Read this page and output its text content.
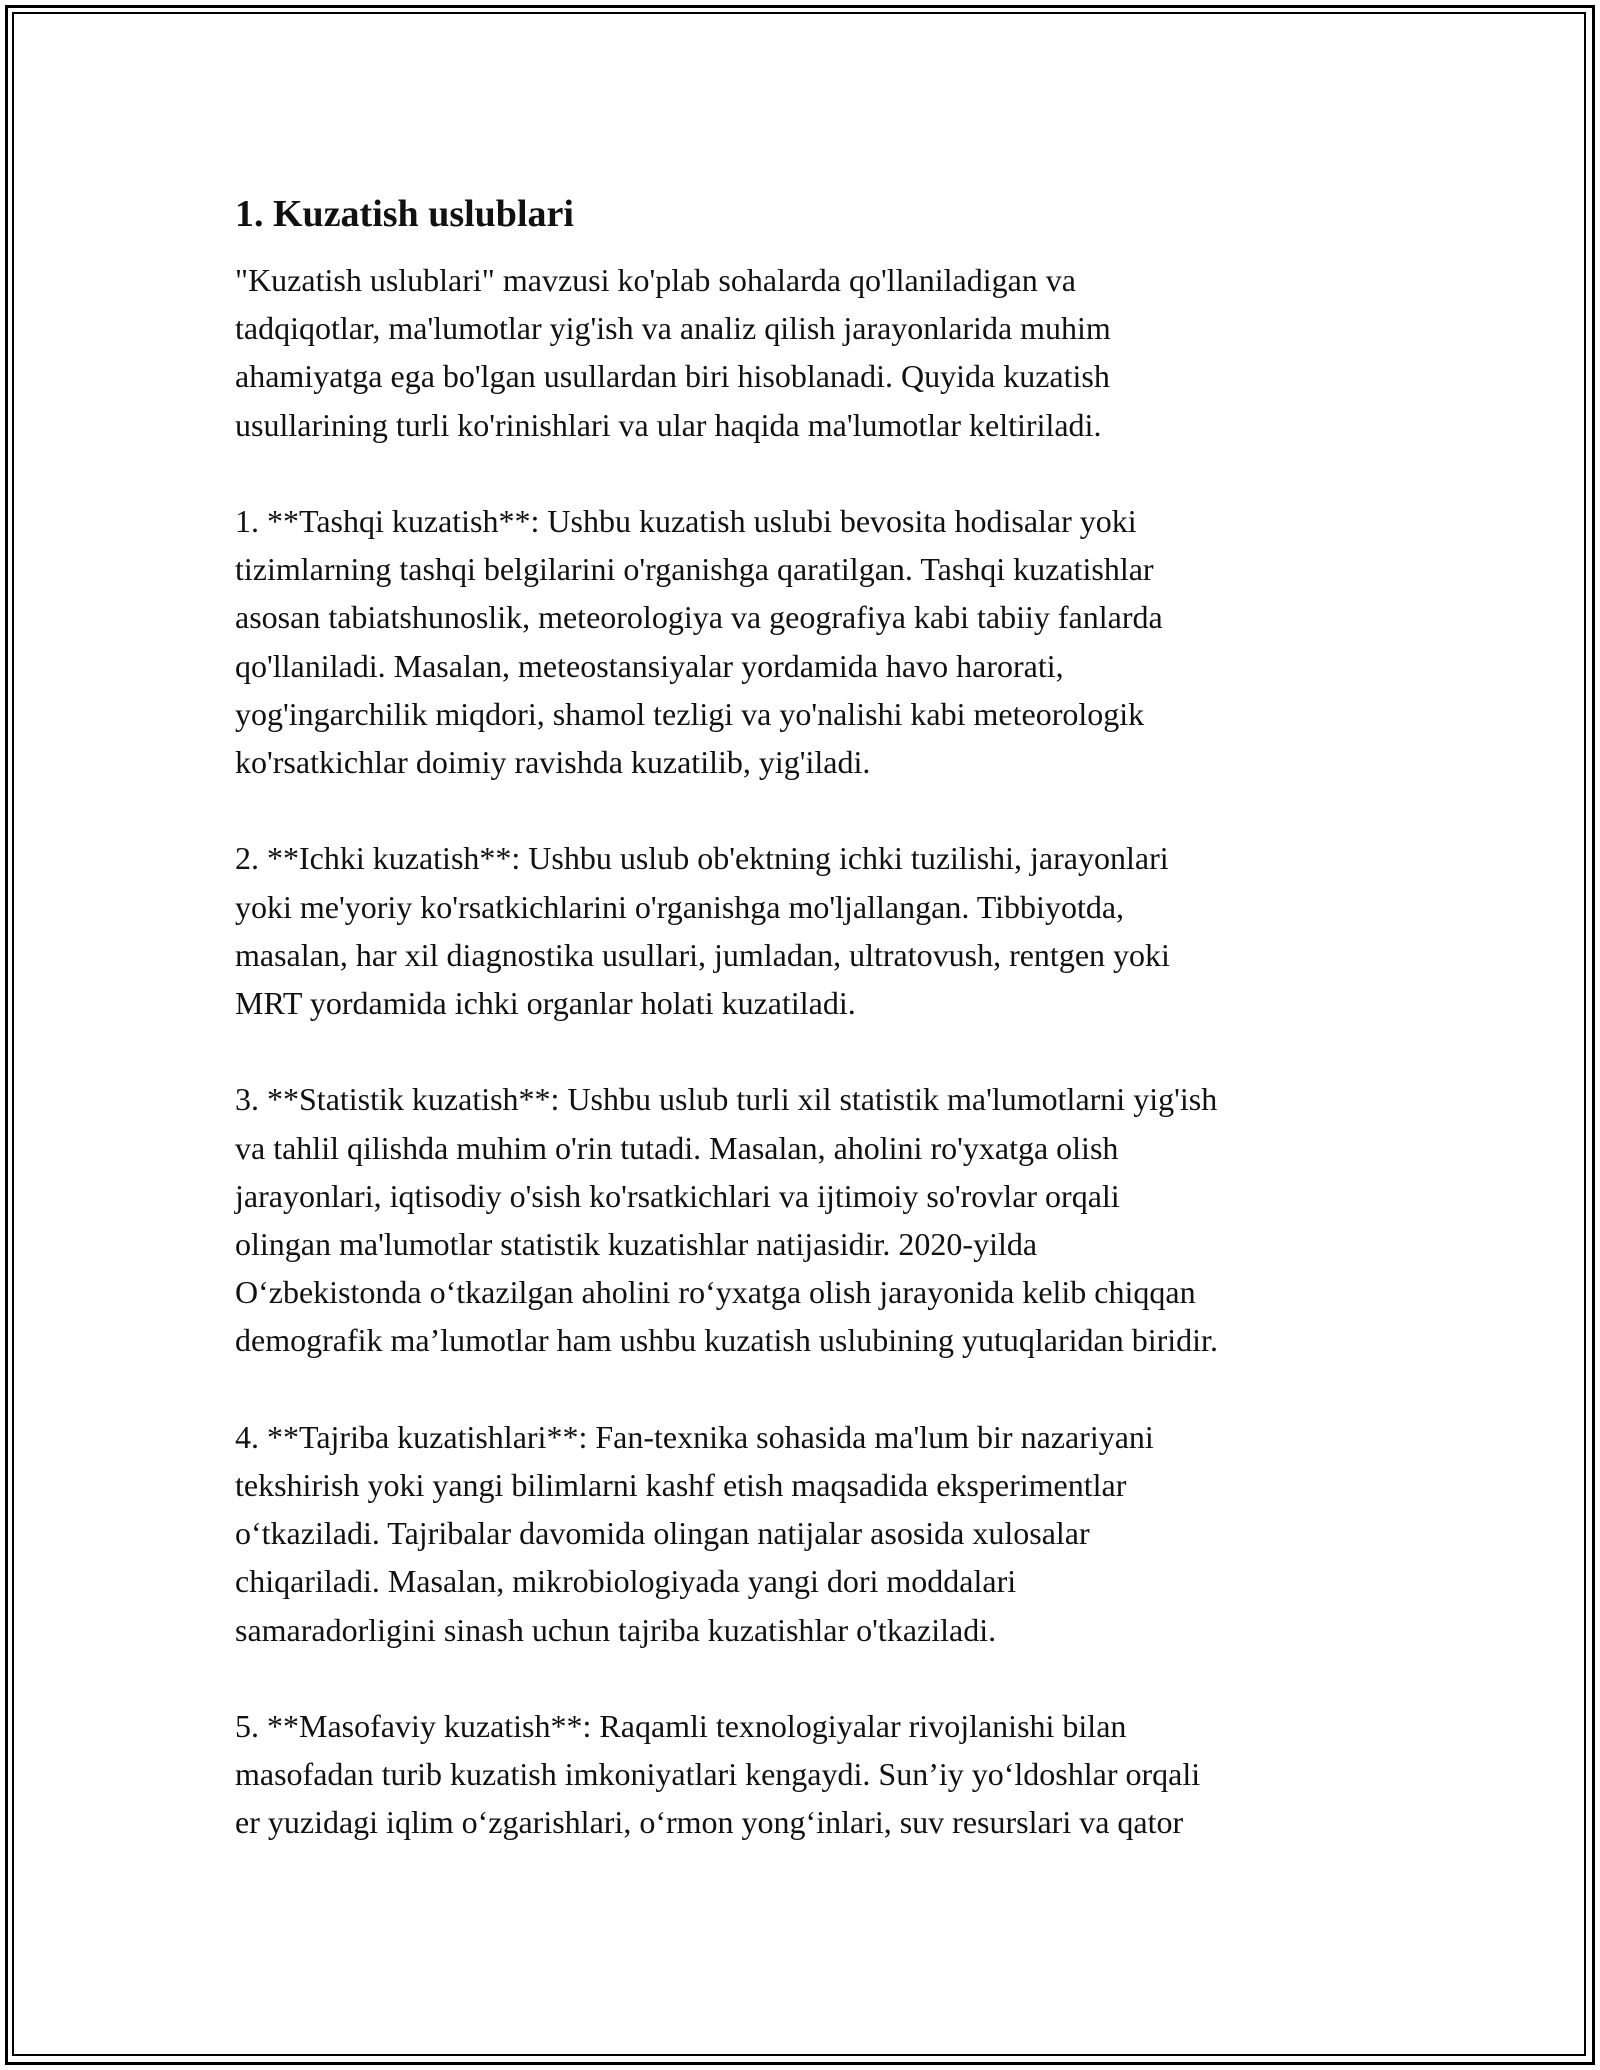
1. Kuzatish uslublari

"Kuzatish uslublari" mavzusi ko'plab sohalarda qo'llaniladigan va
tadqiqotlar, ma'lumotlar yig'ish va analiz qilish jarayonlarida muhim
ahamiyatga ega bo'lgan usullardan biri hisoblanadi. Quyida kuzatish
usullarining turli ko'rinishlari va ular haqida ma'lumotlar keltiriladi.

1. **Tashqi kuzatish**: Ushbu kuzatish uslubi bevosita hodisalar yoki
tizimlarning tashqi belgilarini o'rganishga qaratilgan. Tashqi kuzatishlar
asosan tabiatshunoslik, meteorologiya va geografiya kabi tabiiy fanlarda
qo'llaniladi. Masalan, meteostansiyalar yordamida havo harorati,
yog'ingarchilik miqdori, shamol tezligi va yo'nalishi kabi meteorologik
ko'rsatkichlar doimiy ravishda kuzatilib, yig'iladi.

2. **Ichki kuzatish**: Ushbu uslub ob'ektning ichki tuzilishi, jarayonlari
yoki me'yoriy ko'rsatkichlarini o'rganishga mo'ljallangan. Tibbiyotda,
masalan, har xil diagnostika usullari, jumladan, ultratovush, rentgen yoki
MRT yordamida ichki organlar holati kuzatiladi.

3. **Statistik kuzatish**: Ushbu uslub turli xil statistik ma'lumotlarni yig'ish
va tahlil qilishda muhim o'rin tutadi. Masalan, aholini ro'yxatga olish
jarayonlari, iqtisodiy o'sish ko'rsatkichlari va ijtimoiy so'rovlar orqali
olingan ma'lumotlar statistik kuzatishlar natijasidir. 2020-yilda
O‘zbekistonda o‘tkazilgan aholini ro‘yxatga olish jarayonida kelib chiqqan
demografik ma’lumotlar ham ushbu kuzatish uslubining yutuqlaridan biridir.

4. **Tajriba kuzatishlari**: Fan-texnika sohasida ma'lum bir nazariyani
tekshirish yoki yangi bilimlarni kashf etish maqsadida eksperimentlar
o‘tkaziladi. Tajribalar davomida olingan natijalar asosida xulosalar
chiqariladi. Masalan, mikrobiologiyada yangi dori moddalari
samaradorligini sinash uchun tajriba kuzatishlar o'tkaziladi.

5. **Masofaviy kuzatish**: Raqamli texnologiyalar rivojlanishi bilan
masofadan turib kuzatish imkoniyatlari kengaydi. Sun’iy yo‘ldoshlar orqali
er yuzidagi iqlim o‘zgarishlari, o‘rmon yong‘inlari, suv resurslari va qator
